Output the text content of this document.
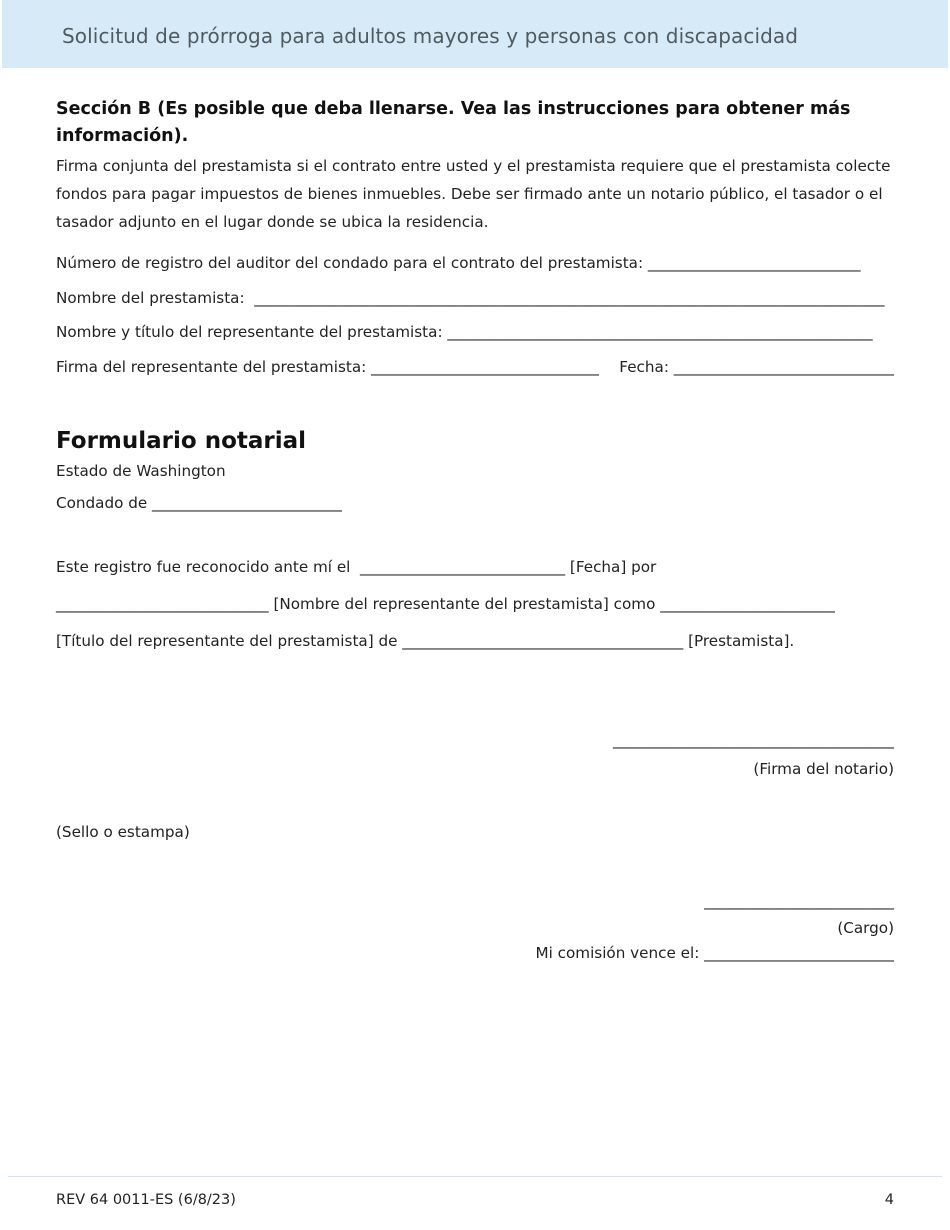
Solicitud de prórroga para adultos mayores y personas con discapacidad
Sección B (Es posible que deba llenarse. Vea las instrucciones para obtener más información).
Firma conjunta del prestamista si el contrato entre usted y el prestamista requiere que el prestamista colecte fondos para pagar impuestos de bienes inmuebles. Debe ser firmado ante un notario público, el tasador o el tasador adjunto en el lugar donde se ubica la residencia.
Número de registro del auditor del condado para el contrato del prestamista: ____________________________
Nombre del prestamista:  ___________________________________________________________________________________
Nombre y título del representante del prestamista: ________________________________________________________
Firma del representante del prestamista: ______________________________ Fecha: _____________________________
Formulario notarial
Estado de Washington
Condado de _________________________
Este registro fue reconocido ante mí el  ___________________________ [Fecha] por
____________________________ [Nombre del representante del prestamista] como _______________________
[Título del representante del prestamista] de _____________________________________ [Prestamista].
_____________________________________
(Firma del notario)
(Sello o estampa)
_________________________
(Cargo)
Mi comisión vence el: _________________________
REV 64 0011-ES (6/8/23)	4
